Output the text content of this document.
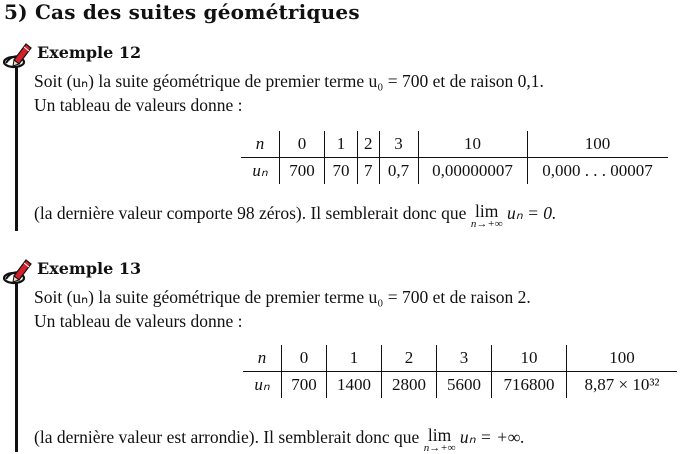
5) Cas des suites géométriques
Exemple 12
Soit (uₙ) la suite géométrique de premier terme u₀ = 700 et de raison 0,1.
Un tableau de valeurs donne :
n	0	1	2	3	10	100
uₙ	700	70	7	0,7	0,00000007	0,000 . . . 00007
(la dernière valeur comporte 98 zéros). Il semblerait donc que lim
n→+∞
uₙ = 0.
Exemple 13
Soit (uₙ) la suite géométrique de premier terme u₀ = 700 et de raison 2.
Un tableau de valeurs donne :
n	0	1	2	3	10	100
uₙ	700	1400	2800	5600	716800	8,87 × 10³²
(la dernière valeur est arrondie). Il semblerait donc que lim
n→+∞
uₙ = +∞.
